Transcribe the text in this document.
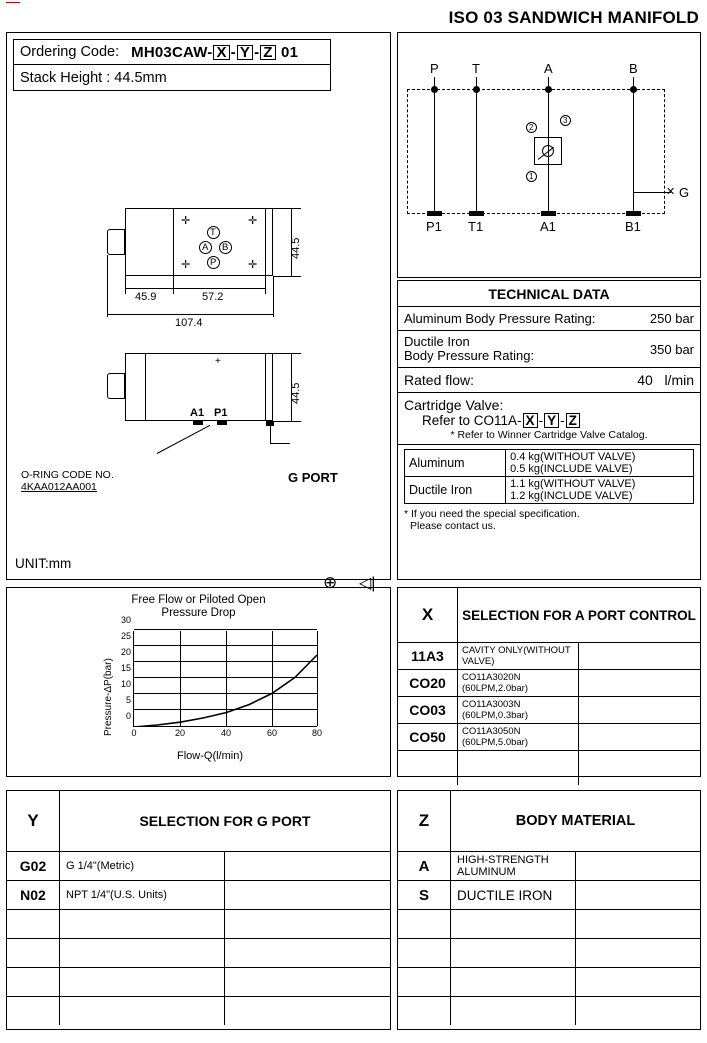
ISO 03 SANDWICH MANIFOLD
Ordering Code: MH03CAW- X - Y - Z 01
Stack Height : 44.5mm
✛	✛
✛	✛
T
A B
P
44.5
45.9	57.2
107.4
+
A1 P1
G PORT
44.5
O-RING CODE NO.
4KAA012AA001
⊕ ◁|
UNIT:mm
P	T	A	B
P1 T1	A1	B1
1
2
3
✕ G
TECHNICAL DATA
Aluminum Body Pressure Rating:	250 bar
Ductile Iron
Body Pressure Rating:	350 bar
Rated flow:	40 l/min
Cartridge Valve:
Refer to CO11A- X - Y - Z
* Refer to Winner Cartridge Valve Catalog.
Aluminum	0.4 kg(WITHOUT VALVE)
0.5 kg(INCLUDE VALVE)

Ductile Iron	1.1 kg(WITHOUT VALVE)
1.2 kg(INCLUDE VALVE)
* If you need the special specification.
Please contact us.
Free Flow or Piloted Open
Pressure Drop
Pressure-ΔP(bar) 0
5
10
15
20
25
30
0	20	40	60	80
Flow-Q(l/min)
X	SELECTION FOR A PORT CONTROL	
11A3	CAVITY ONLY(WITHOUT VALVE)	
CO20	CO11A3020N (60LPM,2.0bar)	
CO03	CO11A3003N (60LPM,0.3bar)	
CO50	CO11A3050N (60LPM,5.0bar)	

Y	SELECTION FOR G PORT	
G02	G 1/4"(Metric)	
N02	NPT 1/4"(U.S. Units)	

Z	BODY MATERIAL	
A	HIGH-STRENGTH ALUMINUM	
S	DUCTILE IRON	
